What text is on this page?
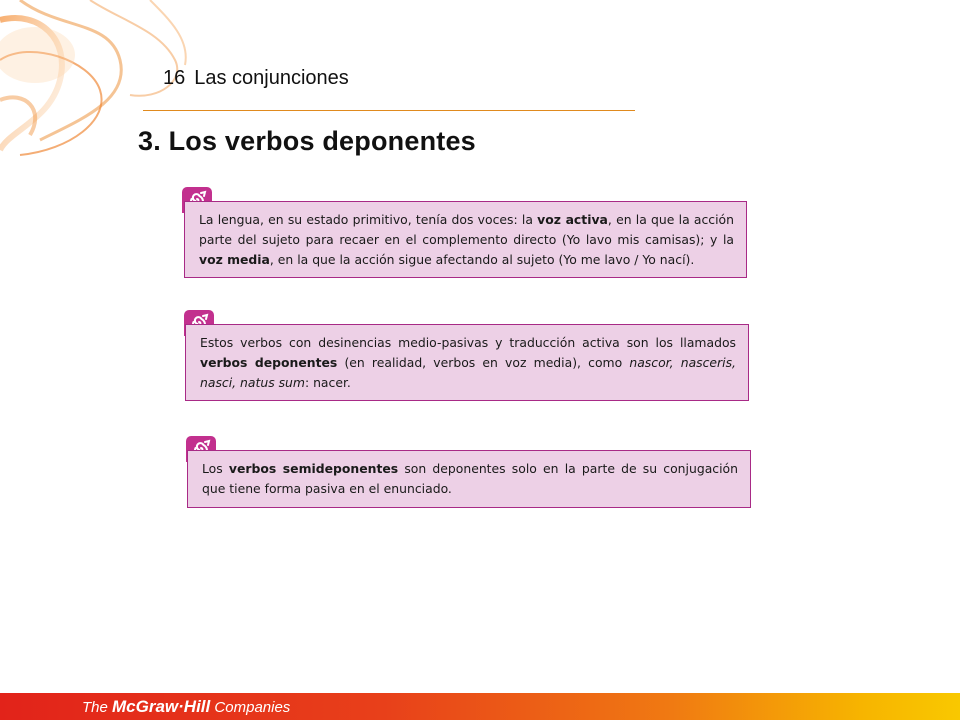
16 Las conjunciones
3. Los verbos deponentes
La lengua, en su estado primitivo, tenía dos voces: la voz activa, en la que la acción parte del sujeto para recaer en el complemento directo (Yo lavo mis camisas); y la voz media, en la que la acción sigue afectando al sujeto (Yo me lavo / Yo nací).
Estos verbos con desinencias medio-pasivas y traducción activa son los llamados verbos deponentes (en realidad, verbos en voz media), como nascor, nasceris, nasci, natus sum: nacer.
Los verbos semideponentes son deponentes solo en la parte de su conjugación que tiene forma pasiva en el enunciado.
The McGraw·Hill Companies
